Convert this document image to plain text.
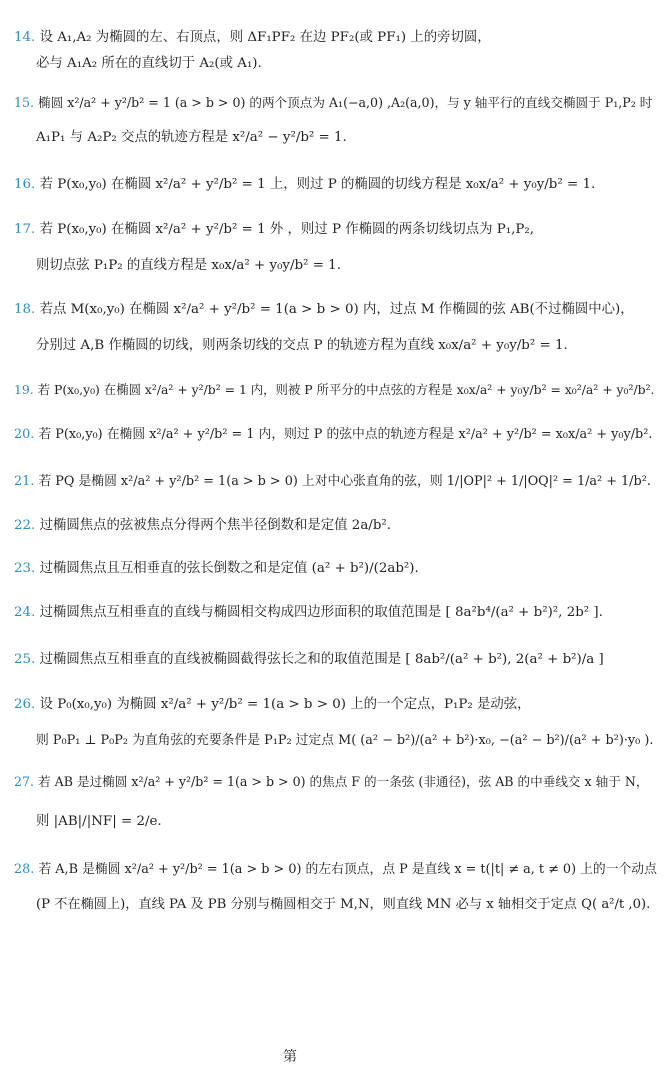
14. 设 A₁,A₂ 为椭圆的左、右顶点，则 ΔF₁PF₂ 在边 PF₂(或 PF₁) 上的旁切圆，
必与 A₁A₂ 所在的直线切于 A₂(或 A₁).
15. 椭圆 x²/a² + y²/b² = 1 (a > b > 0) 的两个顶点为 A₁(−a,0) ,A₂(a,0)，与 y 轴平行的直线交椭圆于 P₁,P₂ 时
A₁P₁ 与 A₂P₂ 交点的轨迹方程是 x²/a² − y²/b² = 1.
16. 若 P(x₀,y₀) 在椭圆 x²/a² + y²/b² = 1 上，则过 P 的椭圆的切线方程是 x₀x/a² + y₀y/b² = 1.
17. 若 P(x₀,y₀) 在椭圆 x²/a² + y²/b² = 1 外 ，则过 P 作椭圆的两条切线切点为 P₁,P₂,
则切点弦 P₁P₂ 的直线方程是 x₀x/a² + y₀y/b² = 1.
18. 若点 M(x₀,y₀) 在椭圆 x²/a² + y²/b² = 1(a > b > 0) 内，过点 M 作椭圆的弦 AB(不过椭圆中心)，
分别过 A,B 作椭圆的切线，则两条切线的交点 P 的轨迹方程为直线 x₀x/a² + y₀y/b² = 1.
19. 若 P(x₀,y₀) 在椭圆 x²/a² + y²/b² = 1 内，则被 P 所平分的中点弦的方程是 x₀x/a² + y₀y/b² = x₀²/a² + y₀²/b².
20. 若 P(x₀,y₀) 在椭圆 x²/a² + y²/b² = 1 内，则过 P 的弦中点的轨迹方程是 x²/a² + y²/b² = x₀x/a² + y₀y/b².
21. 若 PQ 是椭圆 x²/a² + y²/b² = 1(a > b > 0) 上对中心张直角的弦，则 1/|OP|² + 1/|OQ|² = 1/a² + 1/b².
22. 过椭圆焦点的弦被焦点分得两个焦半径倒数和是定值 2a/b².
23. 过椭圆焦点且互相垂直的弦长倒数之和是定值 (a² + b²)/(2ab²).
24. 过椭圆焦点互相垂直的直线与椭圆相交构成四边形面积的取值范围是 [ 8a²b⁴/(a² + b²)², 2b² ].
25. 过椭圆焦点互相垂直的直线被椭圆截得弦长之和的取值范围是 [ 8ab²/(a² + b²), 2(a² + b²)/a ]
26. 设 P₀(x₀,y₀) 为椭圆 x²/a² + y²/b² = 1(a > b > 0) 上的一个定点，P₁P₂ 是动弦，
则 P₀P₁ ⊥ P₀P₂ 为直角弦的充要条件是 P₁P₂ 过定点 M( (a² − b²)/(a² + b²)·x₀, −(a² − b²)/(a² + b²)·y₀ ).
27. 若 AB 是过椭圆 x²/a² + y²/b² = 1(a > b > 0) 的焦点 F 的一条弦 (非通径)，弦 AB 的中垂线交 x 轴于 N，
则 |AB|/|NF| = 2/e.
28. 若 A,B 是椭圆 x²/a² + y²/b² = 1(a > b > 0) 的左右顶点，点 P 是直线 x = t(|t| ≠ a, t ≠ 0) 上的一个动点
(P 不在椭圆上)，直线 PA 及 PB 分别与椭圆相交于 M,N，则直线 MN 必与 x 轴相交于定点 Q( a²/t ,0).
第
